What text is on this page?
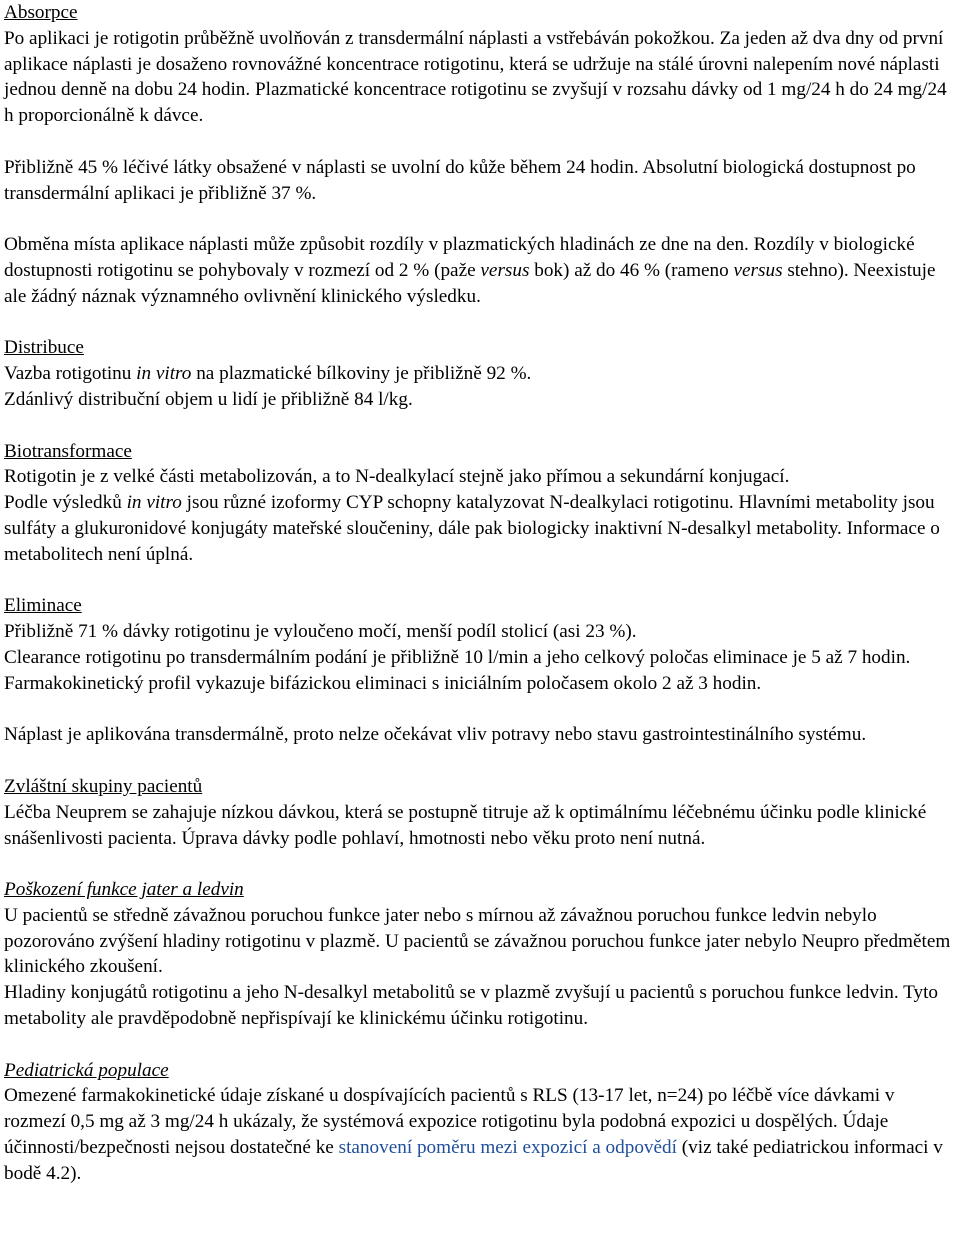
Absorpce

Po aplikaci je rotigotin průběžně uvolňován z transdermální náplasti a vstřebáván pokožkou. Za jeden až dva dny od první aplikace náplasti je dosaženo rovnovážné koncentrace rotigotinu, která se udržuje na stálé úrovni nalepením nové náplasti jednou denně na dobu 24 hodin. Plazmatické koncentrace rotigotinu se zvyšují v rozsahu dávky od 1 mg/24 h do 24 mg/24 h proporcionálně k dávce.

Přibližně 45 % léčivé látky obsažené v náplasti se uvolní do kůže během 24 hodin. Absolutní biologická dostupnost po transdermální aplikaci je přibližně 37 %.

Obměna místa aplikace náplasti může způsobit rozdíly v plazmatických hladinách ze dne na den. Rozdíly v biologické dostupnosti rotigotinu se pohybovaly v rozmezí od 2 % (paže versus bok) až do 46 % (rameno versus stehno). Neexistuje ale žádný náznak významného ovlivnění klinického výsledku.

Distribuce

Vazba rotigotinu in vitro na plazmatické bílkoviny je přibližně 92 %.

Zdánlivý distribuční objem u lidí je přibližně 84 l/kg.

Biotransformace

Rotigotin je z velké části metabolizován, a to N-dealkylací stejně jako přímou a sekundární konjugací.

Podle výsledků in vitro jsou různé izoformy CYP schopny katalyzovat N-dealkylaci rotigotinu. Hlavními metabolity jsou sulfáty a glukuronidové konjugáty mateřské sloučeniny, dále pak biologicky inaktivní N-desalkyl metabolity. Informace o metabolitech není úplná.

Eliminace

Přibližně 71 % dávky rotigotinu je vyloučeno močí, menší podíl stolicí (asi 23 %).

Clearance rotigotinu po transdermálním podání je přibližně 10 l/min a jeho celkový poločas eliminace je 5 až 7 hodin. Farmakokinetický profil vykazuje bifázickou eliminaci s iniciálním poločasem okolo 2 až 3 hodin.

Náplast je aplikována transdermálně, proto nelze očekávat vliv potravy nebo stavu gastrointestinálního systému.

Zvláštní skupiny pacientů

Léčba Neuprem se zahajuje nízkou dávkou, která se postupně titruje až k optimálnímu léčebnému účinku podle klinické snášenlivosti pacienta. Úprava dávky podle pohlaví, hmotnosti nebo věku proto není nutná.

Poškození funkce jater a ledvin

U pacientů se středně závažnou poruchou funkce jater nebo s mírnou až závažnou poruchou funkce ledvin nebylo pozorováno zvýšení hladiny rotigotinu v plazmě. U pacientů se závažnou poruchou funkce jater nebylo Neupro předmětem klinického zkoušení.

Hladiny konjugátů rotigotinu a jeho N-desalkyl metabolitů se v plazmě zvyšují u pacientů s poruchou funkce ledvin. Tyto metabolity ale pravděpodobně nepřispívají ke klinickému účinku rotigotinu.

Pediatrická populace

Omezené farmakokinetické údaje získané u dospívajících pacientů s RLS (13-17 let, n=24) po léčbě více dávkami v rozmezí 0,5 mg až 3 mg/24 h ukázaly, že systémová expozice rotigotinu byla podobná expozici u dospělých. Údaje účinnosti/bezpečnosti nejsou dostatečné ke stanovení poměru mezi expozicí a odpovědí (viz také pediatrickou informaci v bodě 4.2).
